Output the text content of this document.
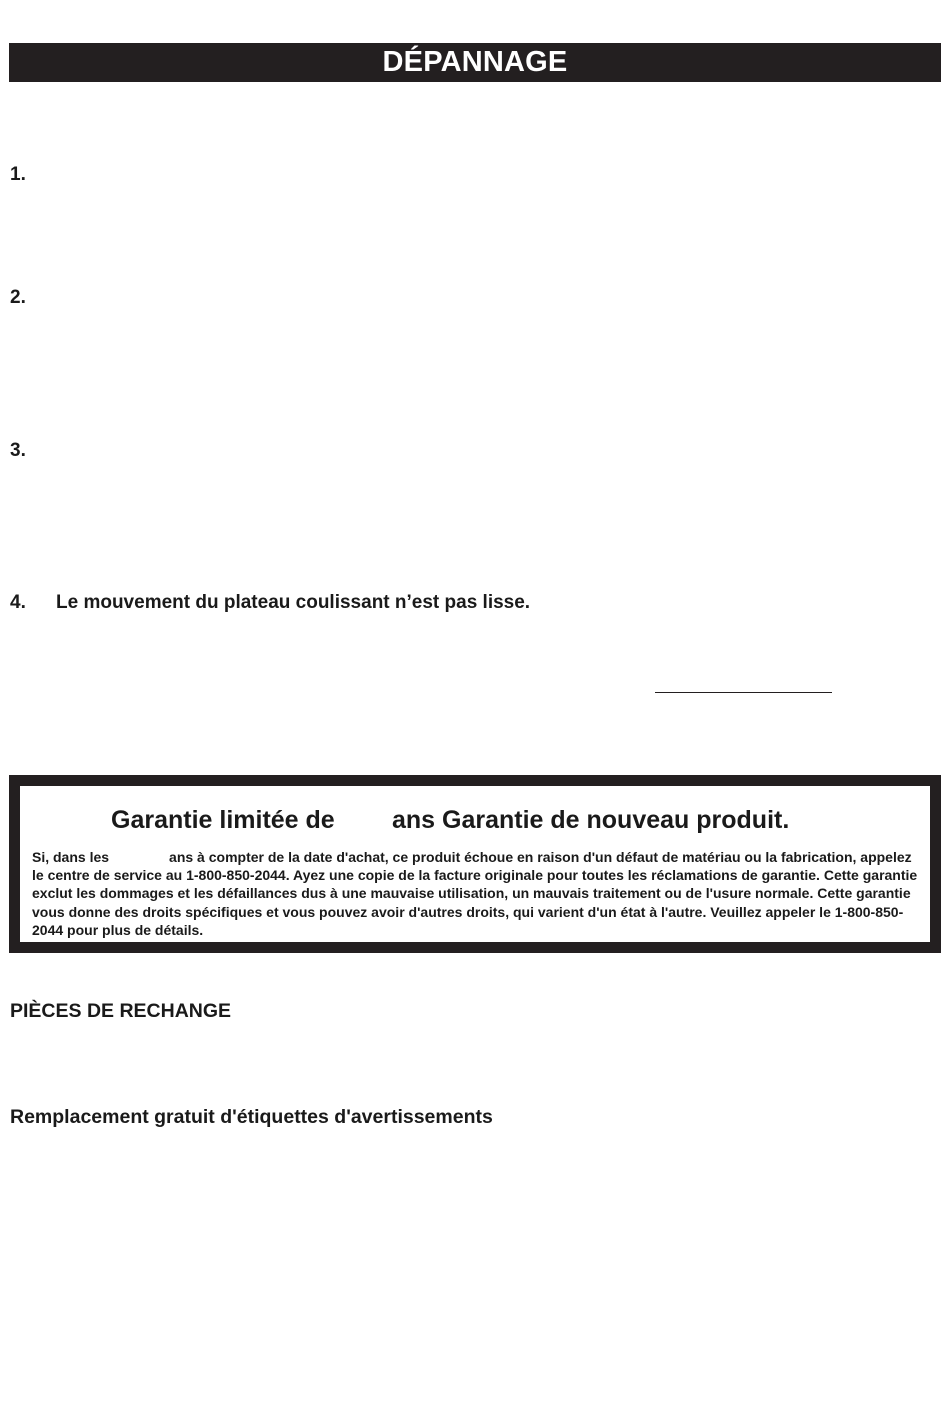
DÉPANNAGE
1.
2.
3.
4. Le mouvement du plateau coulissant n’est pas lisse.
Garantie limitée de ans Garantie de nouveau produit.
Si, dans les	ans à compter de la date d'achat, ce produit échoue en raison d'un défaut de matériau ou la fabrication, appelez le centre de service au 1-800-850-2044. Ayez une copie de la facture originale pour toutes les réclamations de garantie. Cette garantie exclut les dommages et les défaillances dus à une mauvaise utilisation, un mauvais traitement ou de l'usure normale. Cette garantie vous donne des droits spécifiques et vous pouvez avoir d'autres droits, qui varient d'un état à l'autre. Veuillez appeler le 1-800-850-2044 pour plus de détails.
PIÈCES DE RECHANGE
Remplacement gratuit d'étiquettes d'avertissements
